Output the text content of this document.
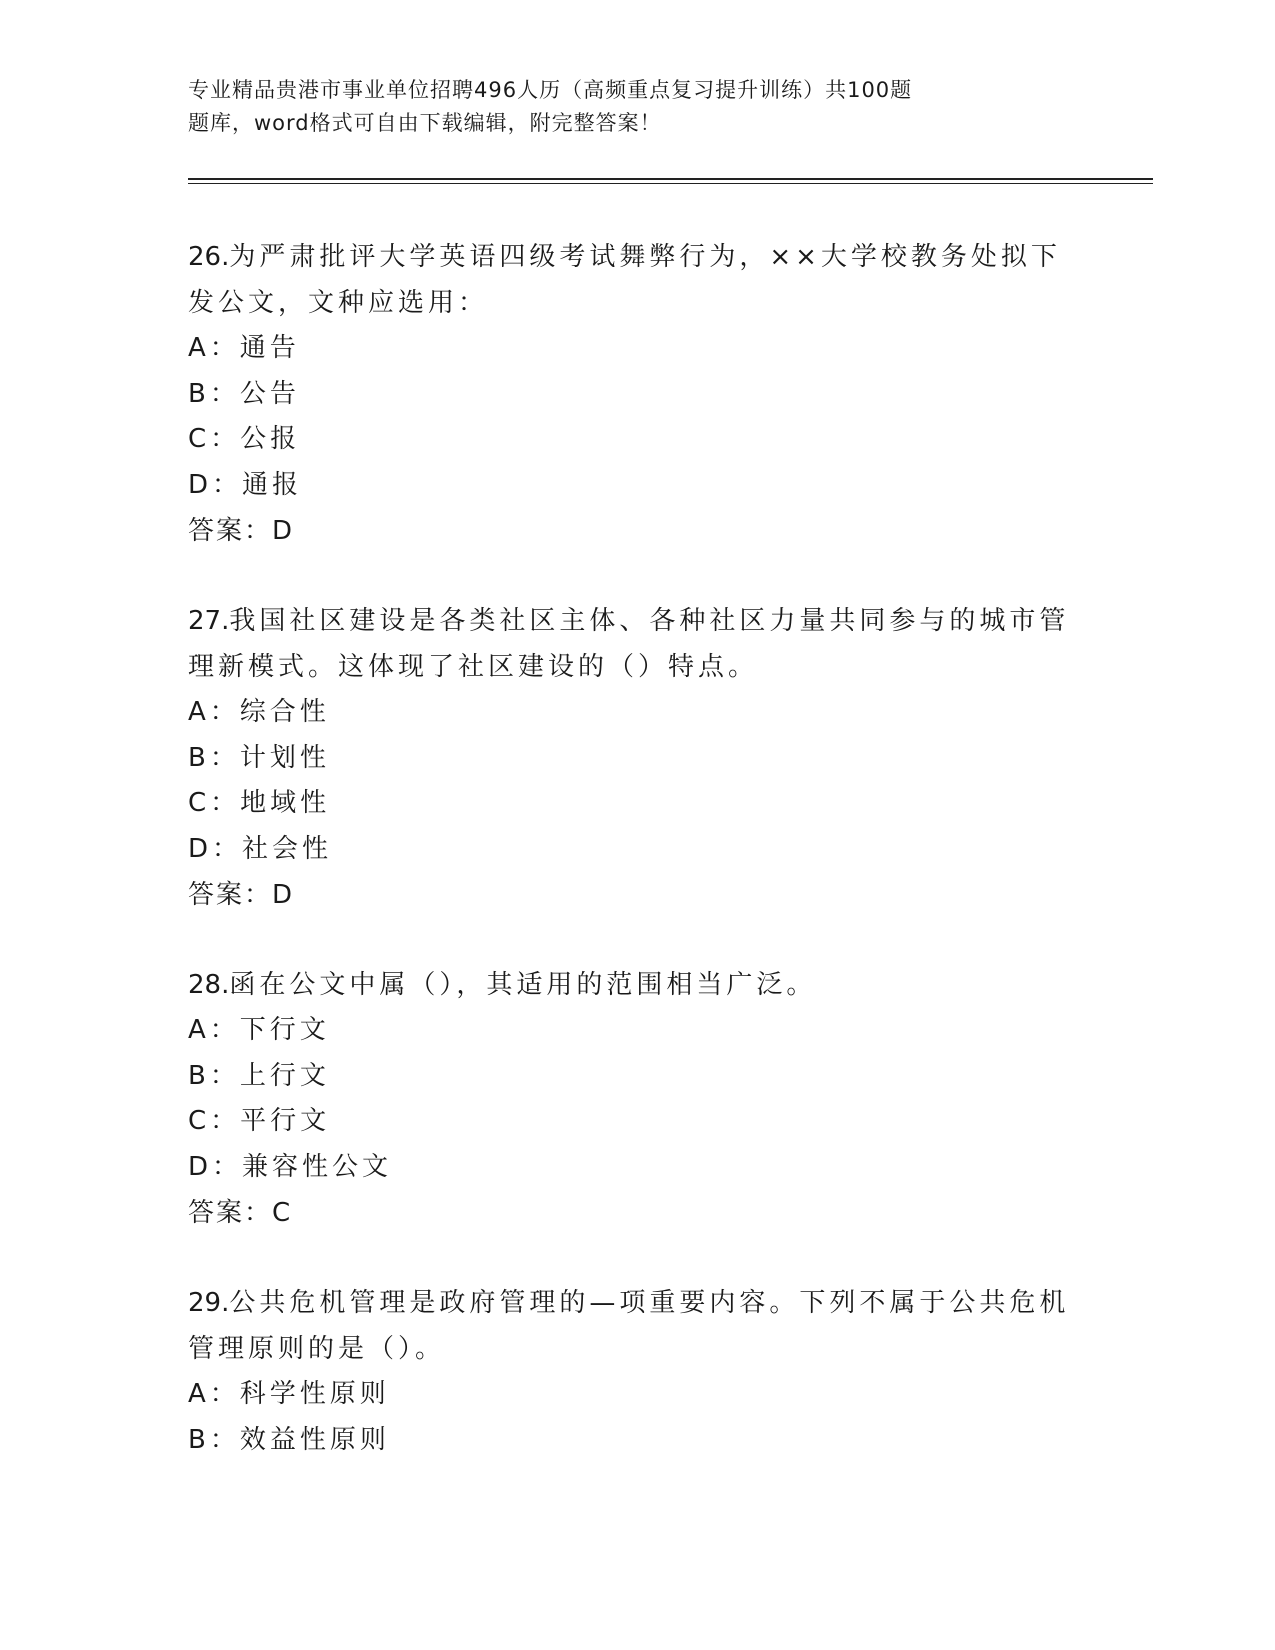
专业精品贵港市事业单位招聘496人历（高频重点复习提升训练）共100题
题库，word格式可自由下载编辑，附完整答案！
26.为严肃批评大学英语四级考试舞弊行为，××大学校教务处拟下发公文，文种应选用：
A：通告
B：公告
C：公报
D：通报
答案：D
27.我国社区建设是各类社区主体、各种社区力量共同参与的城市管理新模式。这体现了社区建设的（）特点。
A：综合性
B：计划性
C：地域性
D：社会性
答案：D
28.函在公文中属（），其适用的范围相当广泛。
A：下行文
B：上行文
C：平行文
D：兼容性公文
答案：C
29.公共危机管理是政府管理的—项重要内容。下列不属于公共危机管理原则的是（）。
A：科学性原则
B：效益性原则
